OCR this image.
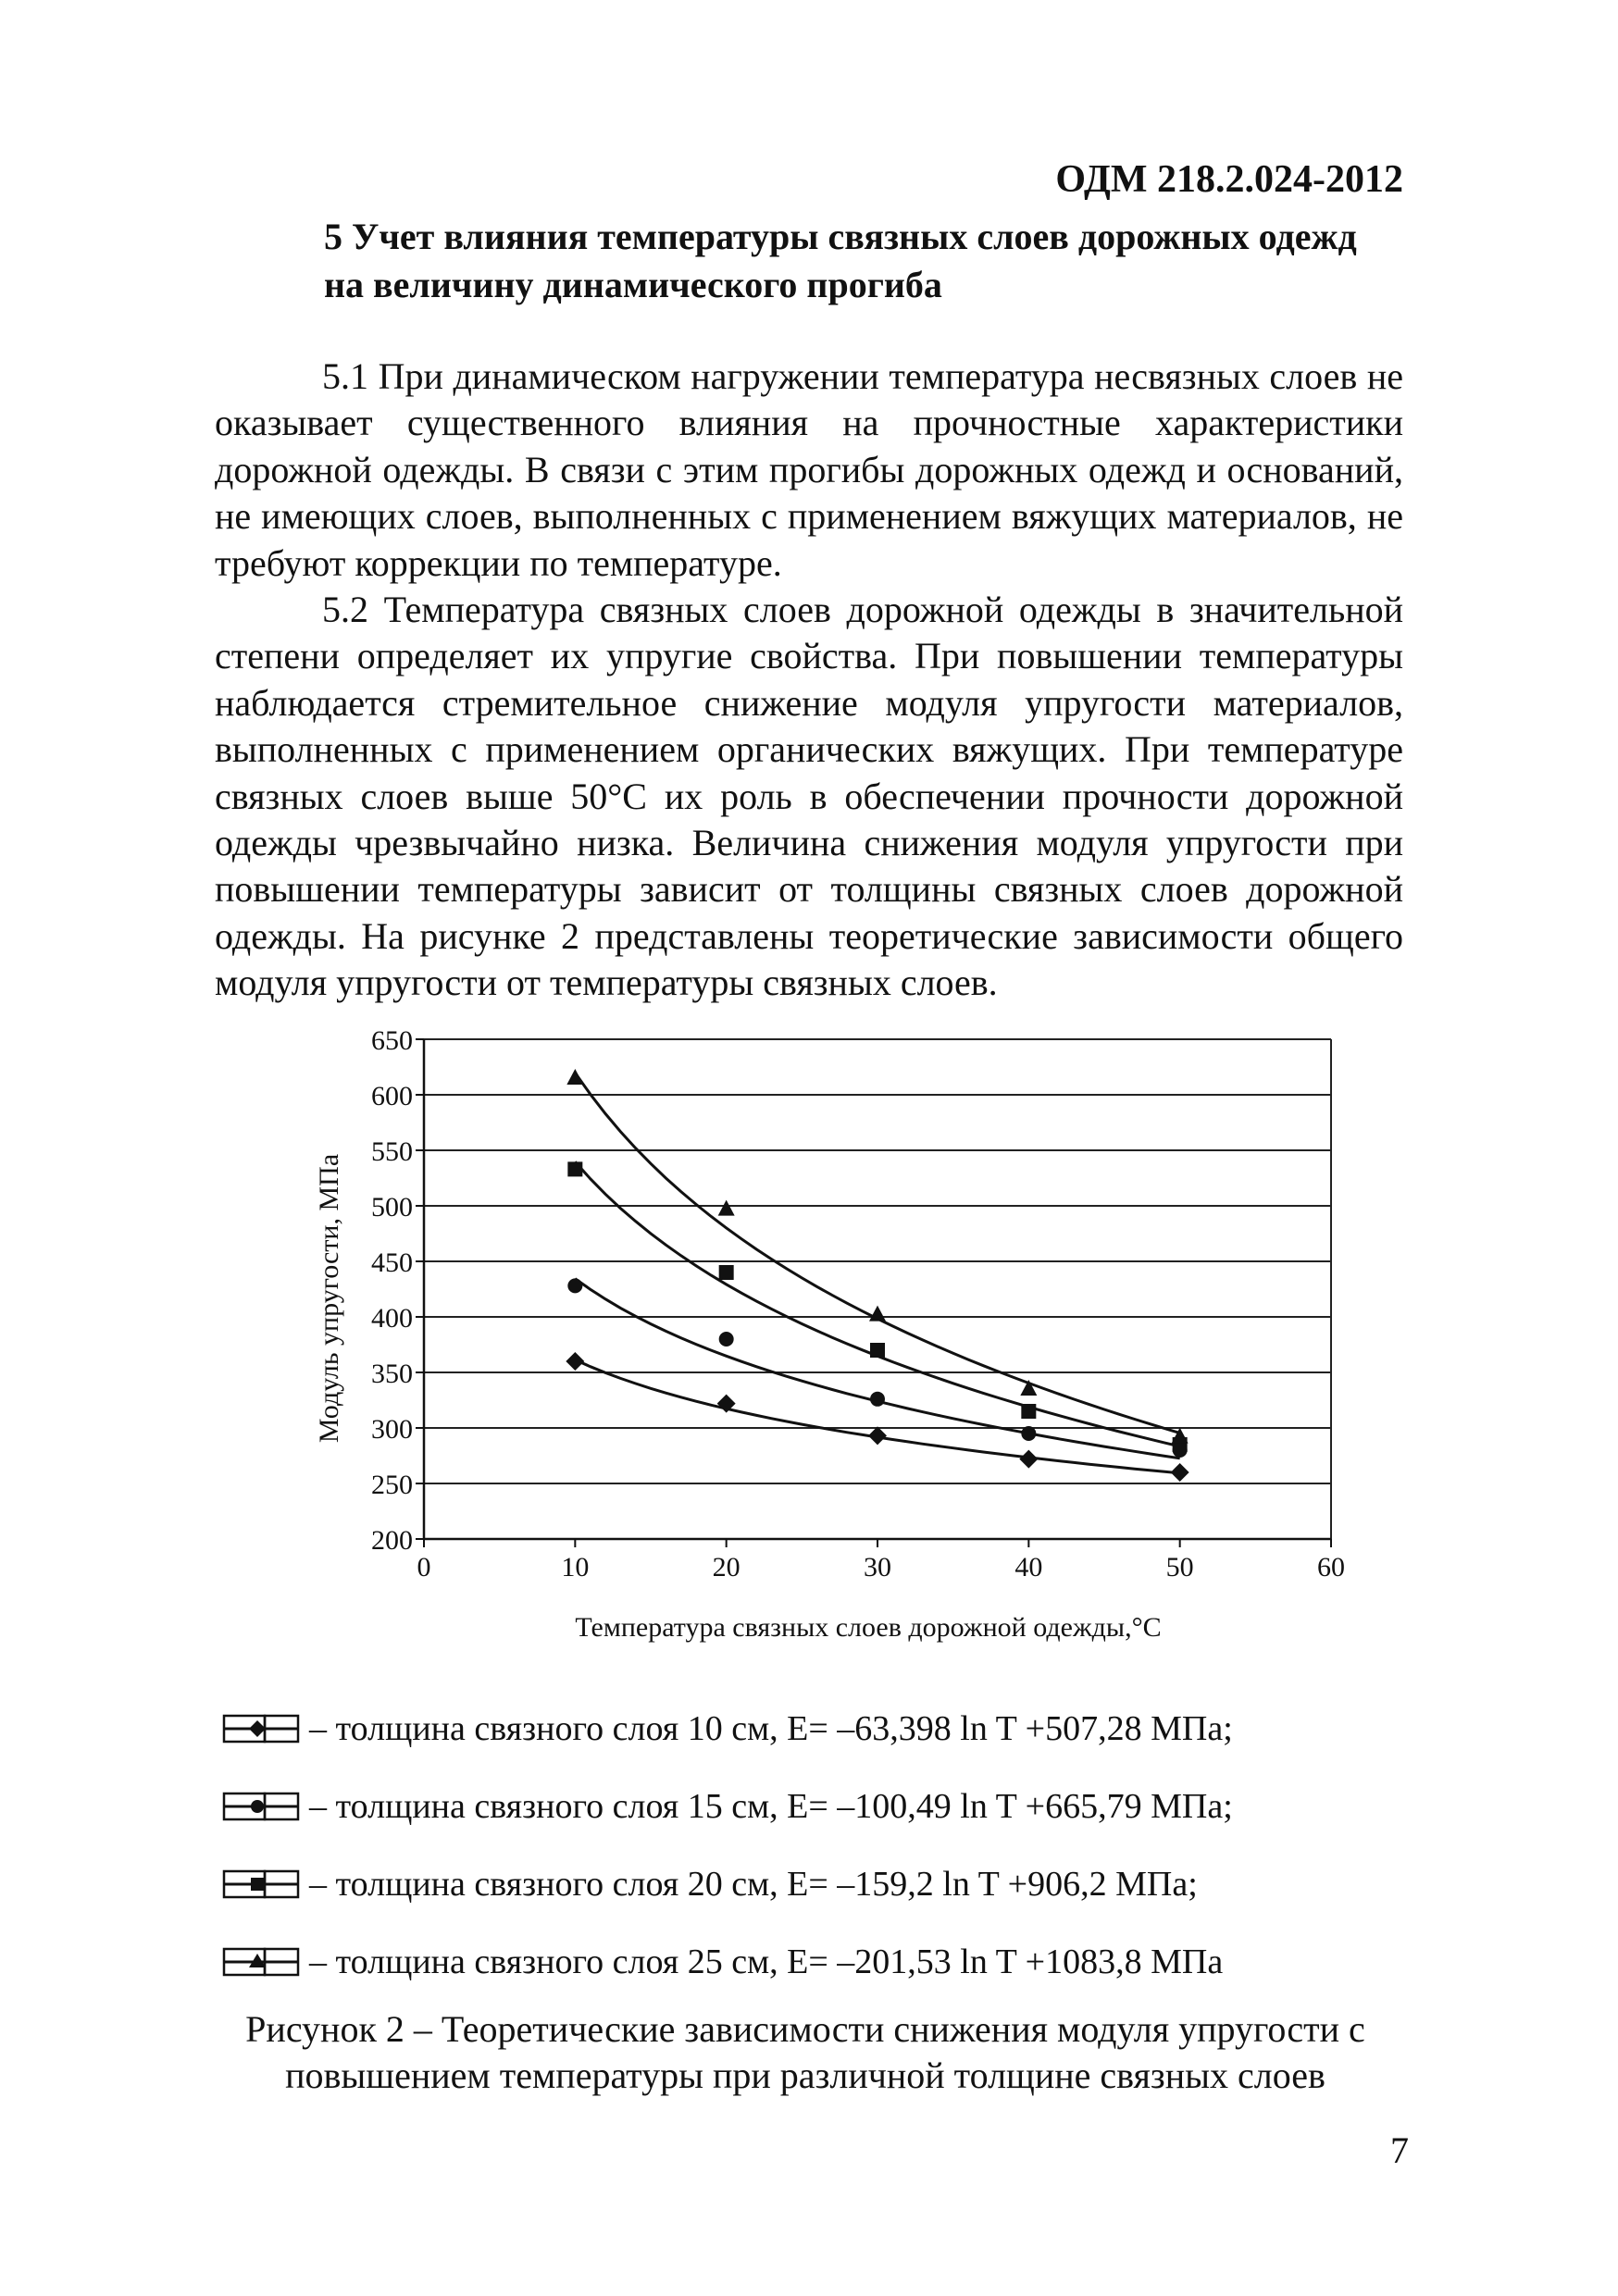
ОДМ 218.2.024-2012
5 Учет влияния температуры связных слоев дорожных одежд
на величину динамического прогиба

5.1 При динамическом нагружении температура несвязных слоев не оказывает существенного влияния на прочностные характеристики дорожной одежды. В связи с этим прогибы дорожных одежд и оснований, не имеющих слоев, выполненных с применением вяжущих материалов, не требуют коррекции по температуре.

5.2 Температура связных слоев дорожной одежды в значительной степени определяет их упругие свойства. При повышении температуры наблюдается стремительное снижение модуля упругости материалов, выполненных с применением органических вяжущих. При температуре связных слоев выше 50°С их роль в обеспечении прочности дорожной одежды чрезвычайно низка. Величина снижения модуля упругости при повышении температуры зависит от толщины связных слоев дорожной одежды. На рисунке 2 представлены теоретические зависимости общего модуля упругости от температуры связных слоев.

200
250
300
350
400
450
500
550
600
650
0	10	20	30	40	50	60
Температура связных слоев дорожной одежды,°С
Модуль упругости, МПа
– толщина связного слоя 10 см, E= –63,398 ln T +507,28 МПа;
– толщина связного слоя 15 см, E= –100,49 ln T +665,79 МПа;
– толщина связного слоя 20 см, E= –159,2 ln T +906,2 МПа;
– толщина связного слоя 25 см, E= –201,53 ln T +1083,8 МПа
Рисунок 2 – Теоретические зависимости снижения модуля упругости с
повышением температуры при различной толщине связных слоев
7
